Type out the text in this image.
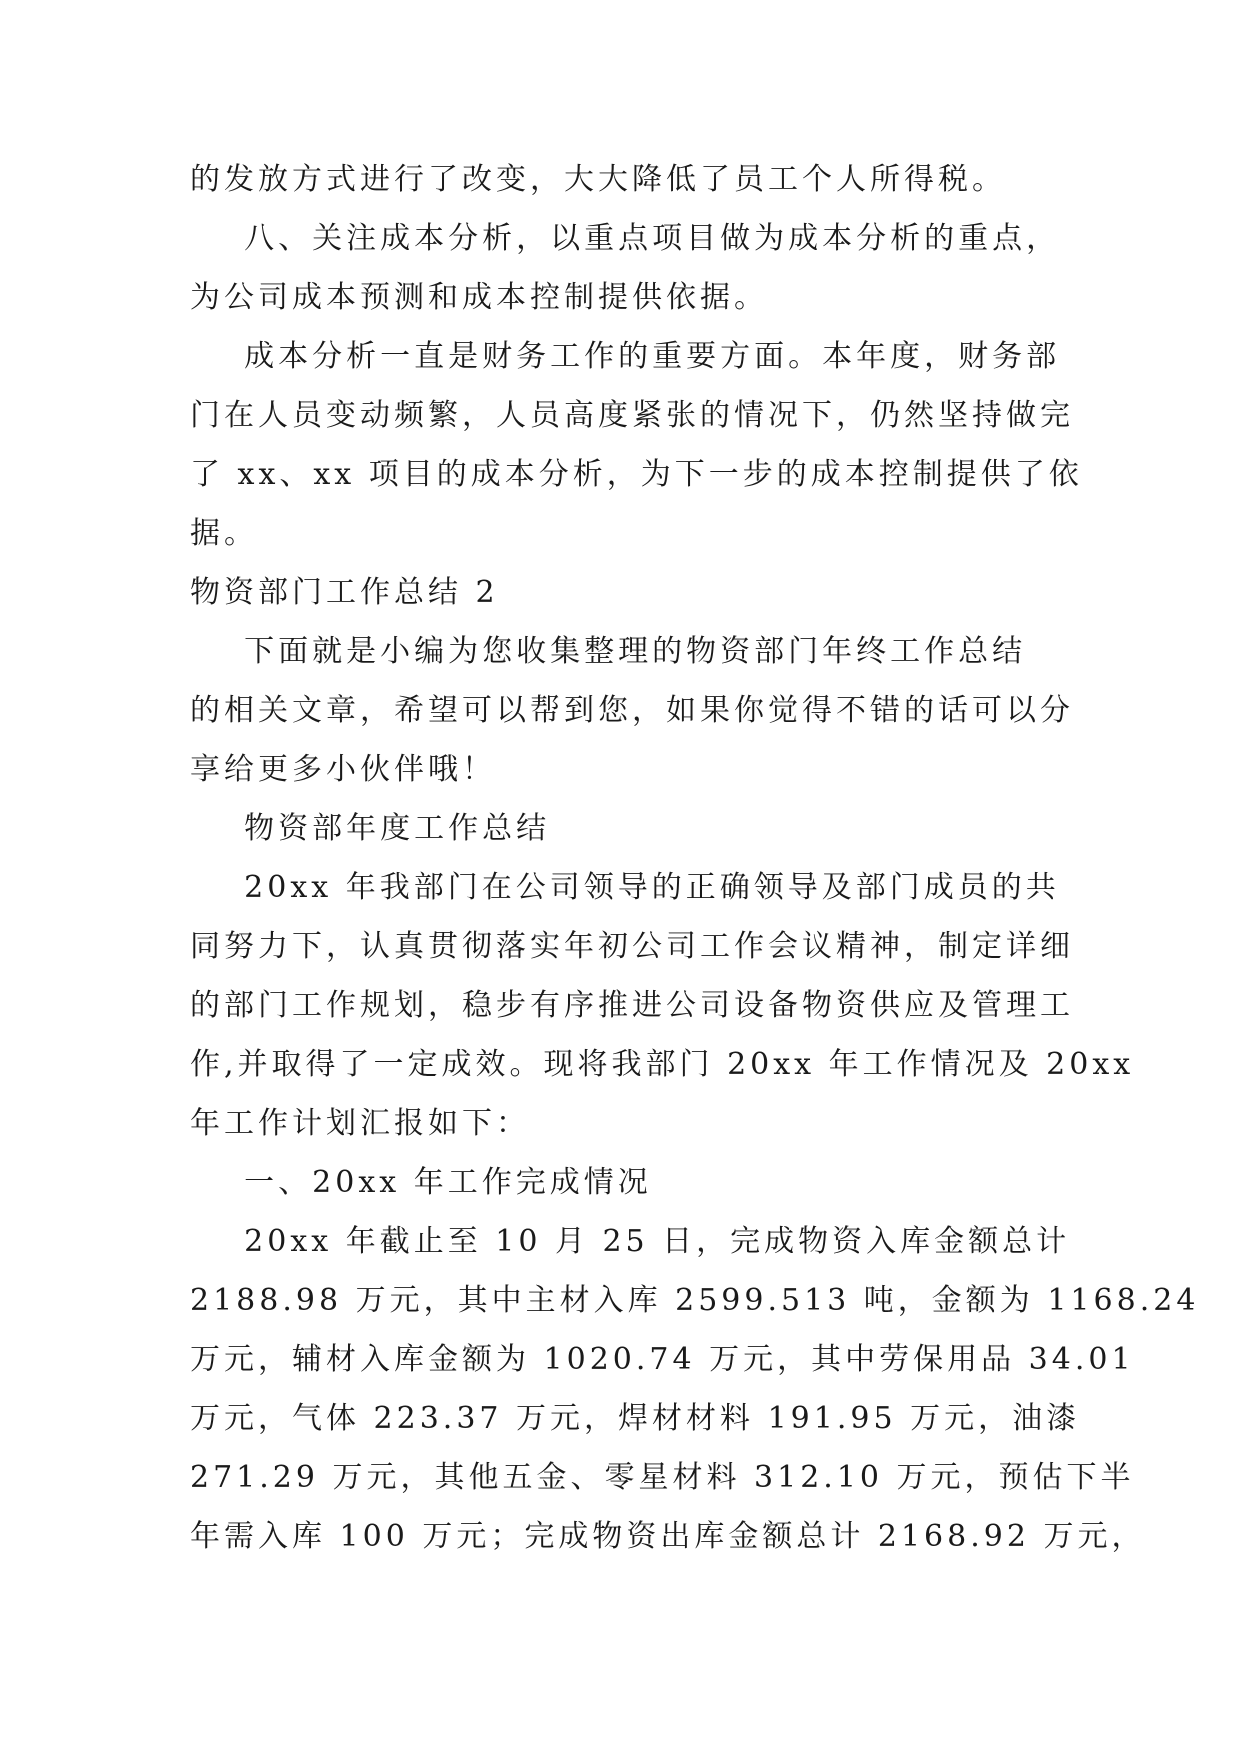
的发放方式进行了改变，大大降低了员工个人所得税。
八、关注成本分析，以重点项目做为成本分析的重点，
为公司成本预测和成本控制提供依据。
成本分析一直是财务工作的重要方面。本年度，财务部
门在人员变动频繁，人员高度紧张的情况下，仍然坚持做完
了 xx、xx 项目的成本分析，为下一步的成本控制提供了依
据。
物资部门工作总结 2
下面就是小编为您收集整理的物资部门年终工作总结
的相关文章，希望可以帮到您，如果你觉得不错的话可以分
享给更多小伙伴哦！
物资部年度工作总结
20xx 年我部门在公司领导的正确领导及部门成员的共
同努力下，认真贯彻落实年初公司工作会议精神，制定详细
的部门工作规划，稳步有序推进公司设备物资供应及管理工
作,并取得了一定成效。现将我部门 20xx 年工作情况及 20xx
年工作计划汇报如下：
一、20xx 年工作完成情况
20xx 年截止至 10 月 25 日，完成物资入库金额总计
2188.98 万元，其中主材入库 2599.513 吨，金额为 1168.24
万元，辅材入库金额为 1020.74 万元，其中劳保用品 34.01
万元，气体 223.37 万元，焊材材料 191.95 万元，油漆
271.29 万元，其他五金、零星材料 312.10 万元，预估下半
年需入库 100 万元；完成物资出库金额总计 2168.92 万元，
